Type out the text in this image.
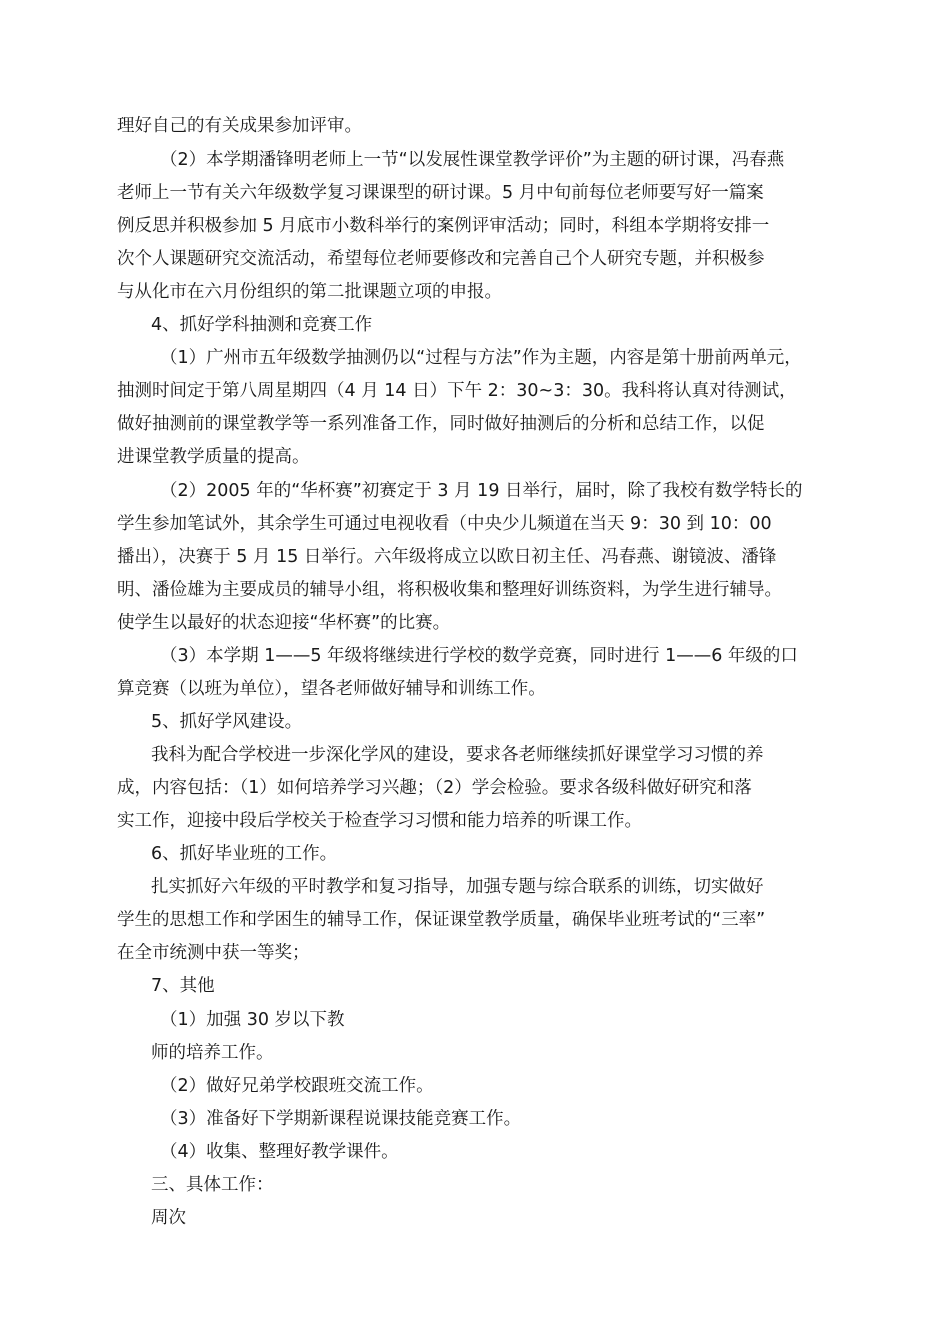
理好自己的有关成果参加评审。
（2）本学期潘锋明老师上一节“以发展性课堂教学评价”为主题的研讨课，冯春燕
老师上一节有关六年级数学复习课课型的研讨课。5 月中旬前每位老师要写好一篇案
例反思并积极参加 5 月底市小数科举行的案例评审活动；同时，科组本学期将安排一
次个人课题研究交流活动，希望每位老师要修改和完善自己个人研究专题，并积极参
与从化市在六月份组织的第二批课题立项的申报。
4、抓好学科抽测和竞赛工作
（1）广州市五年级数学抽测仍以“过程与方法”作为主题，内容是第十册前两单元，
抽测时间定于第八周星期四（4 月 14 日）下午 2：30~3：30。我科将认真对待测试，
做好抽测前的课堂教学等一系列准备工作，同时做好抽测后的分析和总结工作，以促
进课堂教学质量的提高。
（2）2005 年的“华杯赛”初赛定于 3 月 19 日举行，届时，除了我校有数学特长的
学生参加笔试外，其余学生可通过电视收看（中央少儿频道在当天 9：30 到 10：00
播出），决赛于 5 月 15 日举行。六年级将成立以欧日初主任、冯春燕、谢镜波、潘锋
明、潘俭雄为主要成员的辅导小组，将积极收集和整理好训练资料，为学生进行辅导。
使学生以最好的状态迎接“华杯赛”的比赛。
（3）本学期 1——5 年级将继续进行学校的数学竞赛，同时进行 1——6 年级的口
算竞赛（以班为单位），望各老师做好辅导和训练工作。
5、抓好学风建设。
我科为配合学校进一步深化学风的建设，要求各老师继续抓好课堂学习习惯的养
成，内容包括：（1）如何培养学习兴趣；（2）学会检验。要求各级科做好研究和落
实工作，迎接中段后学校关于检查学习习惯和能力培养的听课工作。
6、抓好毕业班的工作。
扎实抓好六年级的平时教学和复习指导，加强专题与综合联系的训练，切实做好
学生的思想工作和学困生的辅导工作，保证课堂教学质量，确保毕业班考试的“三率”
在全市统测中获一等奖；
7、其他
（1）加强 30 岁以下教
师的培养工作。
（2）做好兄弟学校跟班交流工作。
（3）准备好下学期新课程说课技能竞赛工作。
（4）收集、整理好教学课件。
三、具体工作：
周次
